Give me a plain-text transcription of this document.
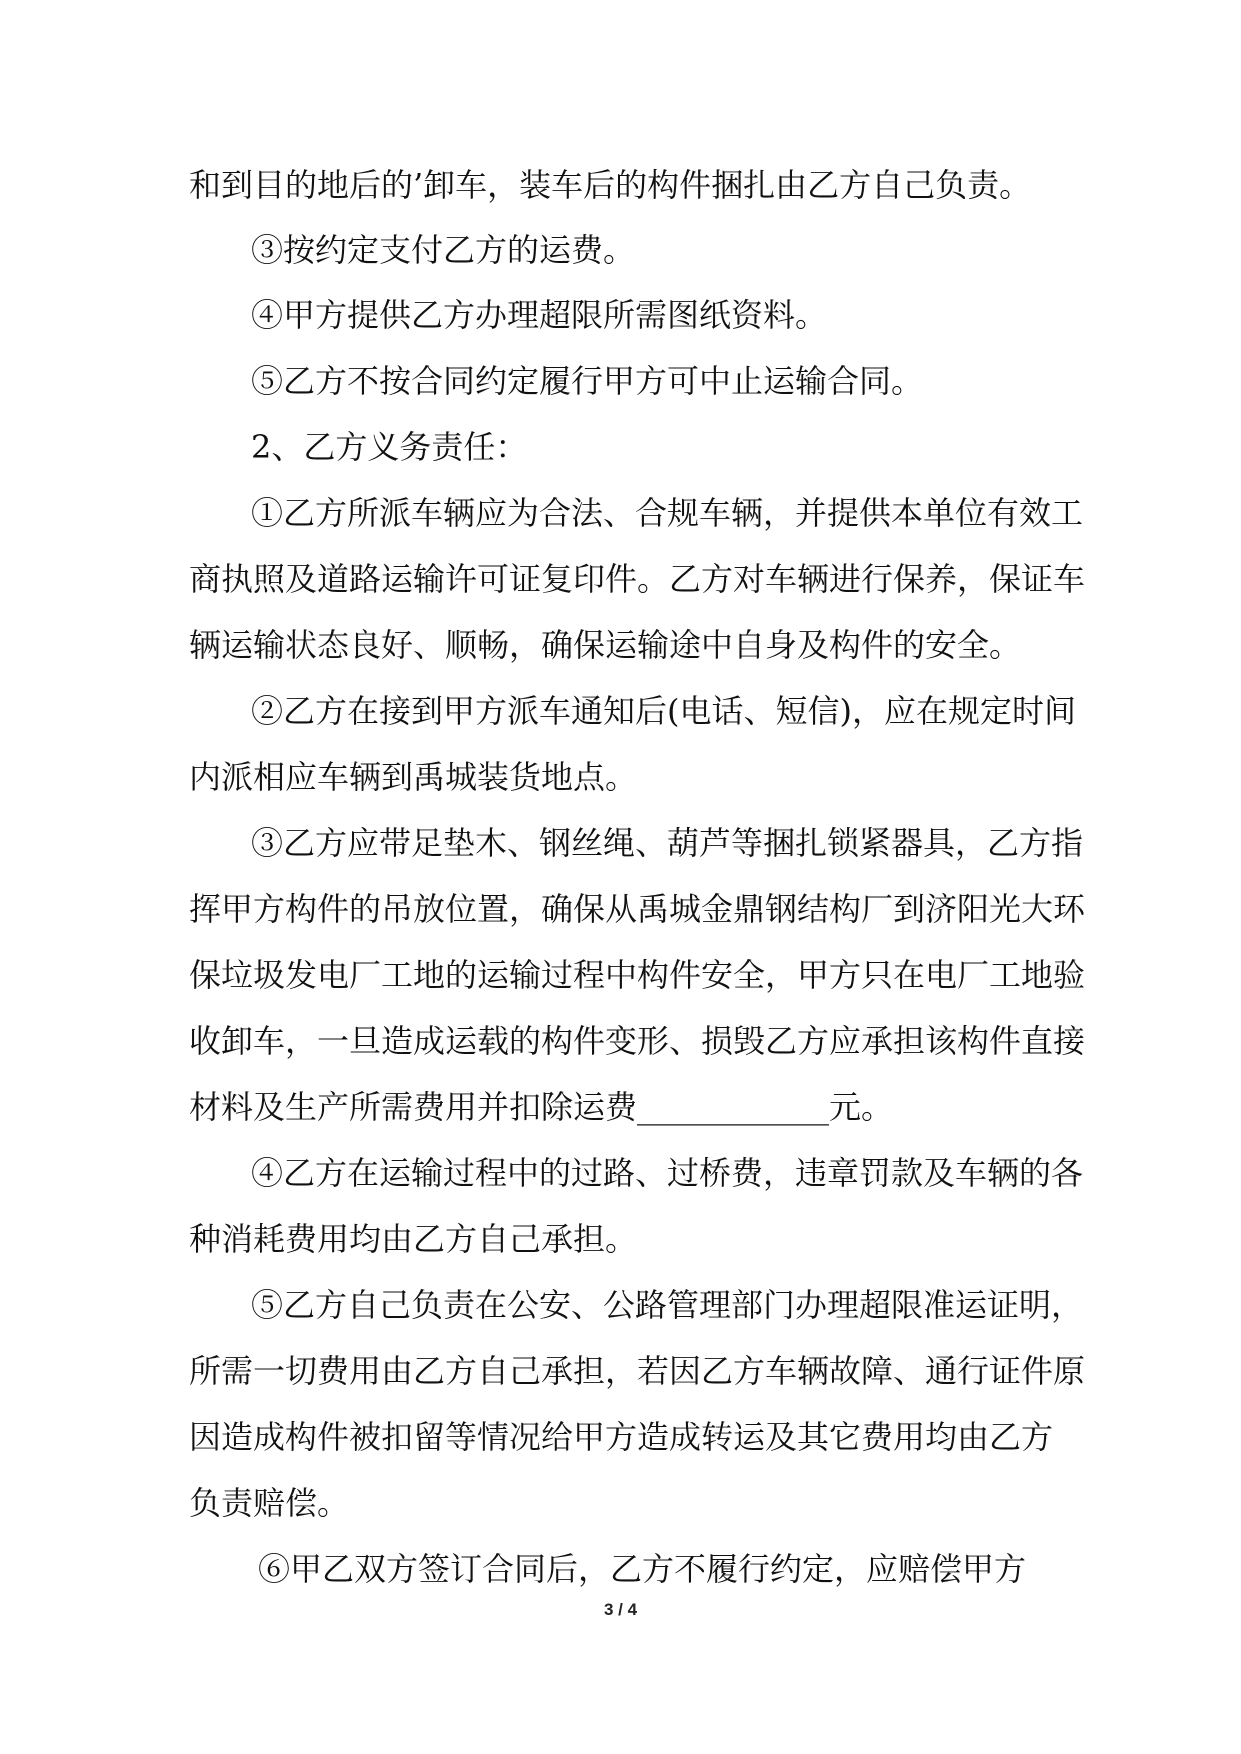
和到目的地后的’卸车，装车后的构件捆扎由乙方自己负责。
③按约定支付乙方的运费。
④甲方提供乙方办理超限所需图纸资料。
⑤乙方不按合同约定履行甲方可中止运输合同。
2、乙方义务责任：
①乙方所派车辆应为合法、合规车辆，并提供本单位有效工
商执照及道路运输许可证复印件。乙方对车辆进行保养，保证车
辆运输状态良好、顺畅，确保运输途中自身及构件的安全。
②乙方在接到甲方派车通知后(电话、短信)，应在规定时间
内派相应车辆到禹城装货地点。
③乙方应带足垫木、钢丝绳、葫芦等捆扎锁紧器具，乙方指
挥甲方构件的吊放位置，确保从禹城金鼎钢结构厂到济阳光大环
保垃圾发电厂工地的运输过程中构件安全，甲方只在电厂工地验
收卸车，一旦造成运载的构件变形、损毁乙方应承担该构件直接
材料及生产所需费用并扣除运费____________元。
④乙方在运输过程中的过路、过桥费，违章罚款及车辆的各
种消耗费用均由乙方自己承担。
⑤乙方自己负责在公安、公路管理部门办理超限准运证明，
所需一切费用由乙方自己承担，若因乙方车辆故障、通行证件原
因造成构件被扣留等情况给甲方造成转运及其它费用均由乙方
负责赔偿。
⑥甲乙双方签订合同后，乙方不履行约定，应赔偿甲方
3 / 4
